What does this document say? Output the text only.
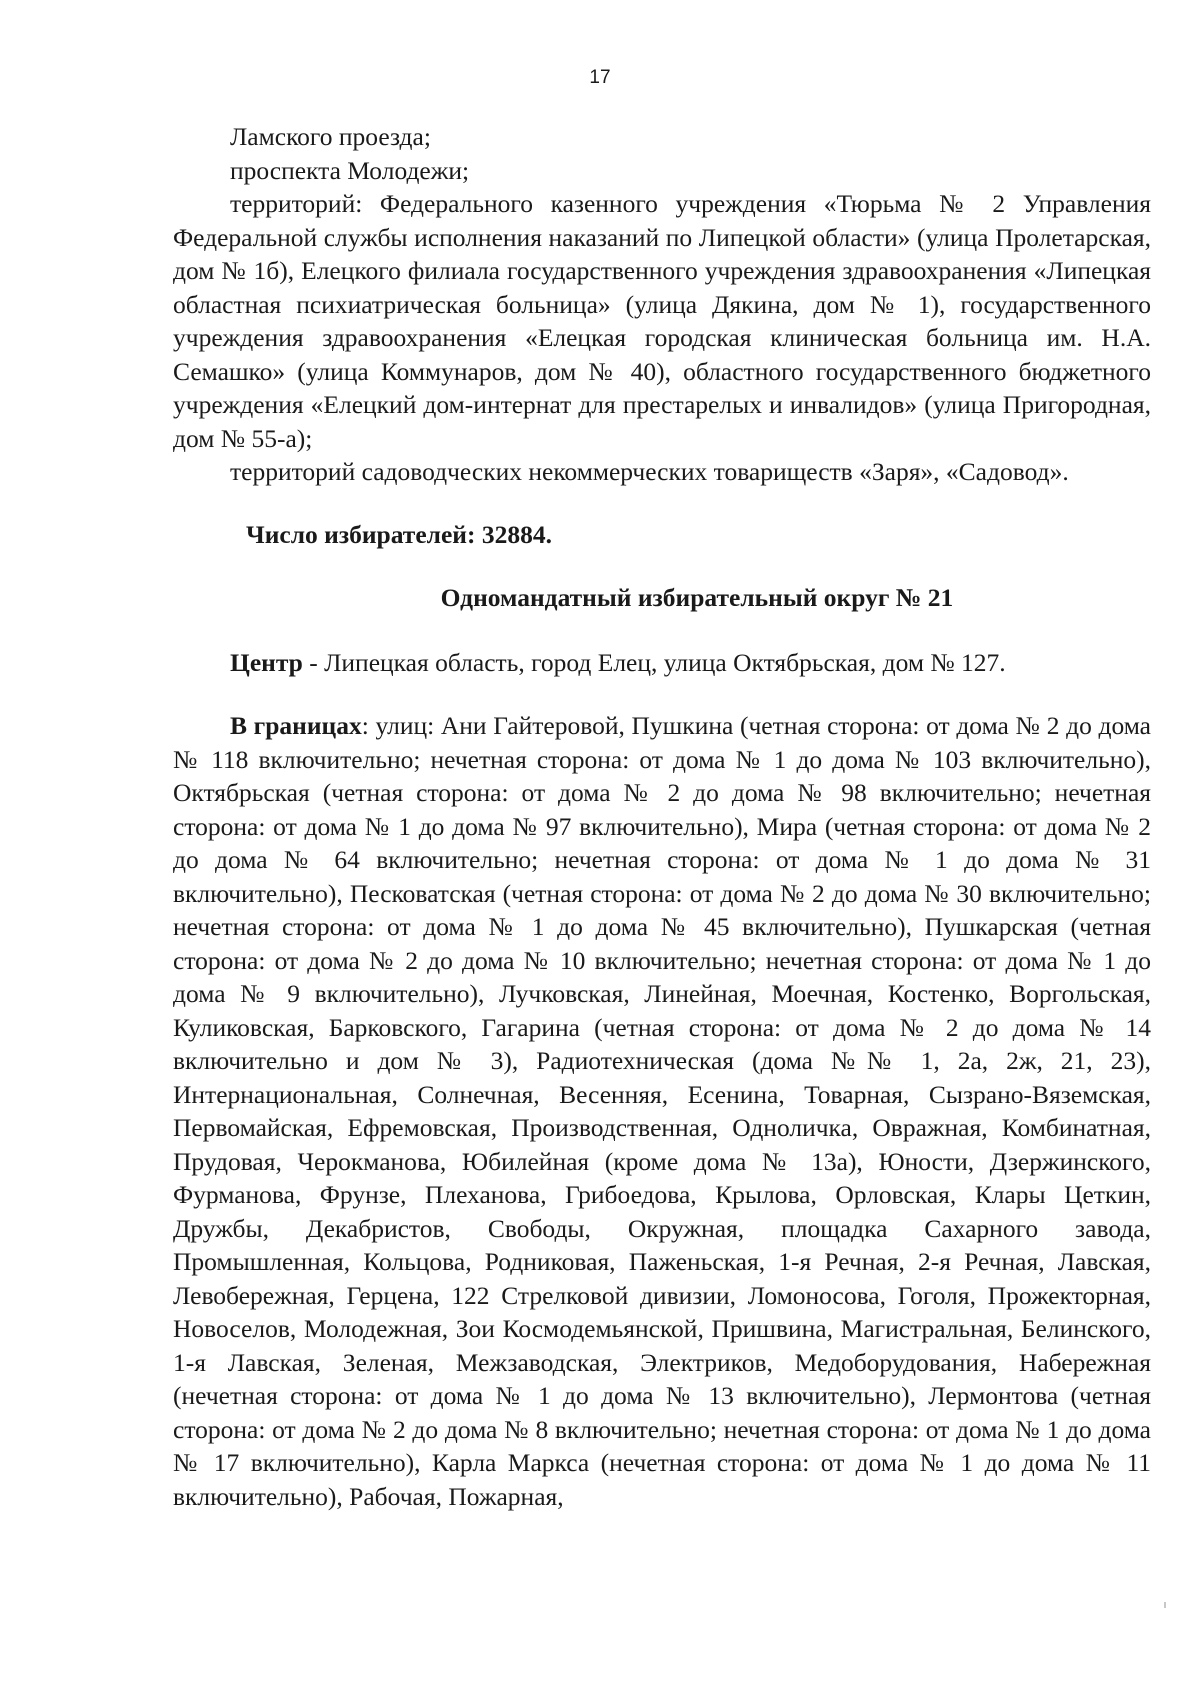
17

Ламского проезда;

проспекта Молодежи;

территорий: Федерального казенного учреждения «Тюрьма № 2 Управления Федеральной службы исполнения наказаний по Липецкой области» (улица Пролетарская, дом № 1б), Елецкого филиала государственного учреждения здравоохранения «Липецкая областная психиатрическая больница» (улица Дякина, дом № 1), государственного учреждения здравоохранения «Елецкая городская клиническая больница им. Н.А. Семашко» (улица Коммунаров, дом № 40), областного государственного бюджетного учреждения «Елецкий дом-интернат для престарелых и инвалидов» (улица Пригородная, дом № 55-а);

территорий садоводческих некоммерческих товариществ «Заря», «Садовод».

Число избирателей: 32884.

Одномандатный избирательный округ № 21

Центр - Липецкая область, город Елец, улица Октябрьская, дом № 127.

В границах: улиц: Ани Гайтеровой, Пушкина (четная сторона: от дома № 2 до дома № 118 включительно; нечетная сторона: от дома № 1 до дома № 103 включительно), Октябрьская (четная сторона: от дома № 2 до дома № 98 включительно; нечетная сторона: от дома № 1 до дома № 97 включительно), Мира (четная сторона: от дома № 2 до дома № 64 включительно; нечетная сторона: от дома № 1 до дома № 31 включительно), Песковатская (четная сторона: от дома № 2 до дома № 30 включительно; нечетная сторона: от дома № 1 до дома № 45 включительно), Пушкарская (четная сторона: от дома № 2 до дома № 10 включительно; нечетная сторона: от дома № 1 до дома № 9 включительно), Лучковская, Линейная, Моечная, Костенко, Воргольская, Куликовская, Барковского, Гагарина (четная сторона: от дома № 2 до дома № 14 включительно и дом № 3), Радиотехническая (дома №№ 1, 2а, 2ж, 21, 23), Интернациональная, Солнечная, Весенняя, Есенина, Товарная, Сызрано-Вяземская, Первомайская, Ефремовская, Производственная, Одноличка, Овражная, Комбинатная, Прудовая, Черокманова, Юбилейная (кроме дома № 13а), Юности, Дзержинского, Фурманова, Фрунзе, Плеханова, Грибоедова, Крылова, Орловская, Клары Цеткин, Дружбы, Декабристов, Свободы, Окружная, площадка Сахарного завода, Промышленная, Кольцова, Родниковая, Паженьская, 1-я Речная, 2-я Речная, Лавская, Левобережная, Герцена, 122 Стрелковой дивизии, Ломоносова, Гоголя, Прожекторная, Новоселов, Молодежная, Зои Космодемьянской, Пришвина, Магистральная, Белинского, 1-я Лавская, Зеленая, Межзаводская, Электриков, Медоборудования, Набережная (нечетная сторона: от дома № 1 до дома № 13 включительно), Лермонтова (четная сторона: от дома № 2 до дома № 8 включительно; нечетная сторона: от дома № 1 до дома № 17 включительно), Карла Маркса (нечетная сторона: от дома № 1 до дома № 11 включительно), Рабочая, Пожарная,
